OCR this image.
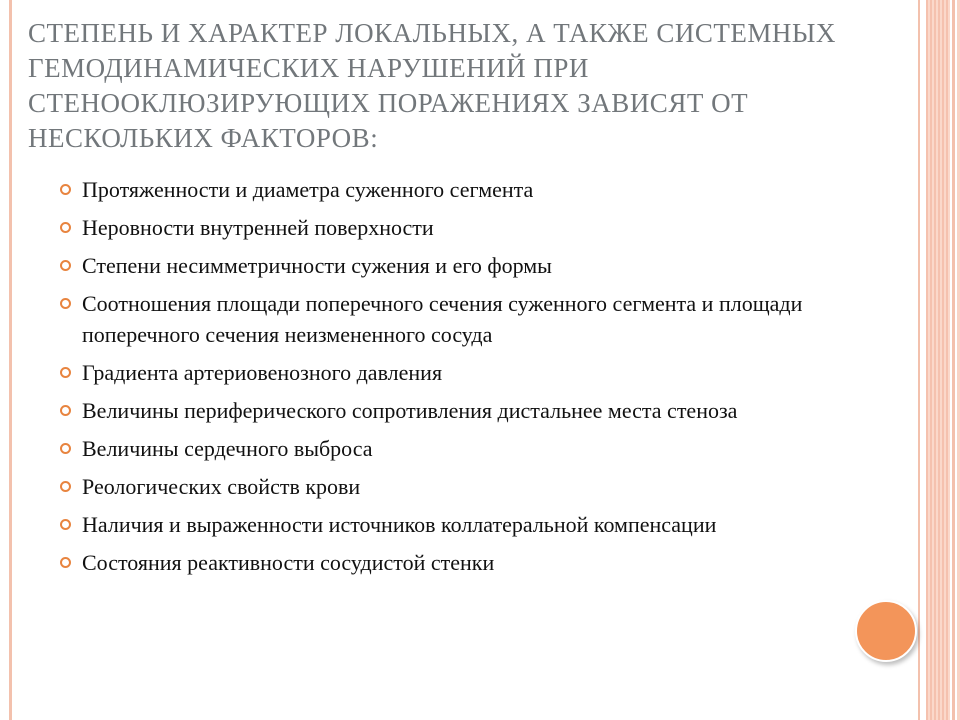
СТЕПЕНЬ И ХАРАКТЕР ЛОКАЛЬНЫХ, А ТАКЖЕ СИСТЕМНЫХ ГЕМОДИНАМИЧЕСКИХ НАРУШЕНИЙ ПРИ СТЕНООКЛЮЗИРУЮЩИХ ПОРАЖЕНИЯХ ЗАВИСЯТ ОТ НЕСКОЛЬКИХ ФАКТОРОВ:
Протяженности и диаметра суженного сегмента
Неровности внутренней поверхности
Степени несимметричности сужения и его формы
Соотношения площади поперечного сечения суженного сегмента и площади поперечного сечения неизмененного сосуда
Градиента артериовенозного давления
Величины периферического сопротивления дистальнее места стеноза
Величины сердечного выброса
Реологических свойств крови
Наличия и выраженности источников коллатеральной компенсации
Состояния реактивности сосудистой стенки
